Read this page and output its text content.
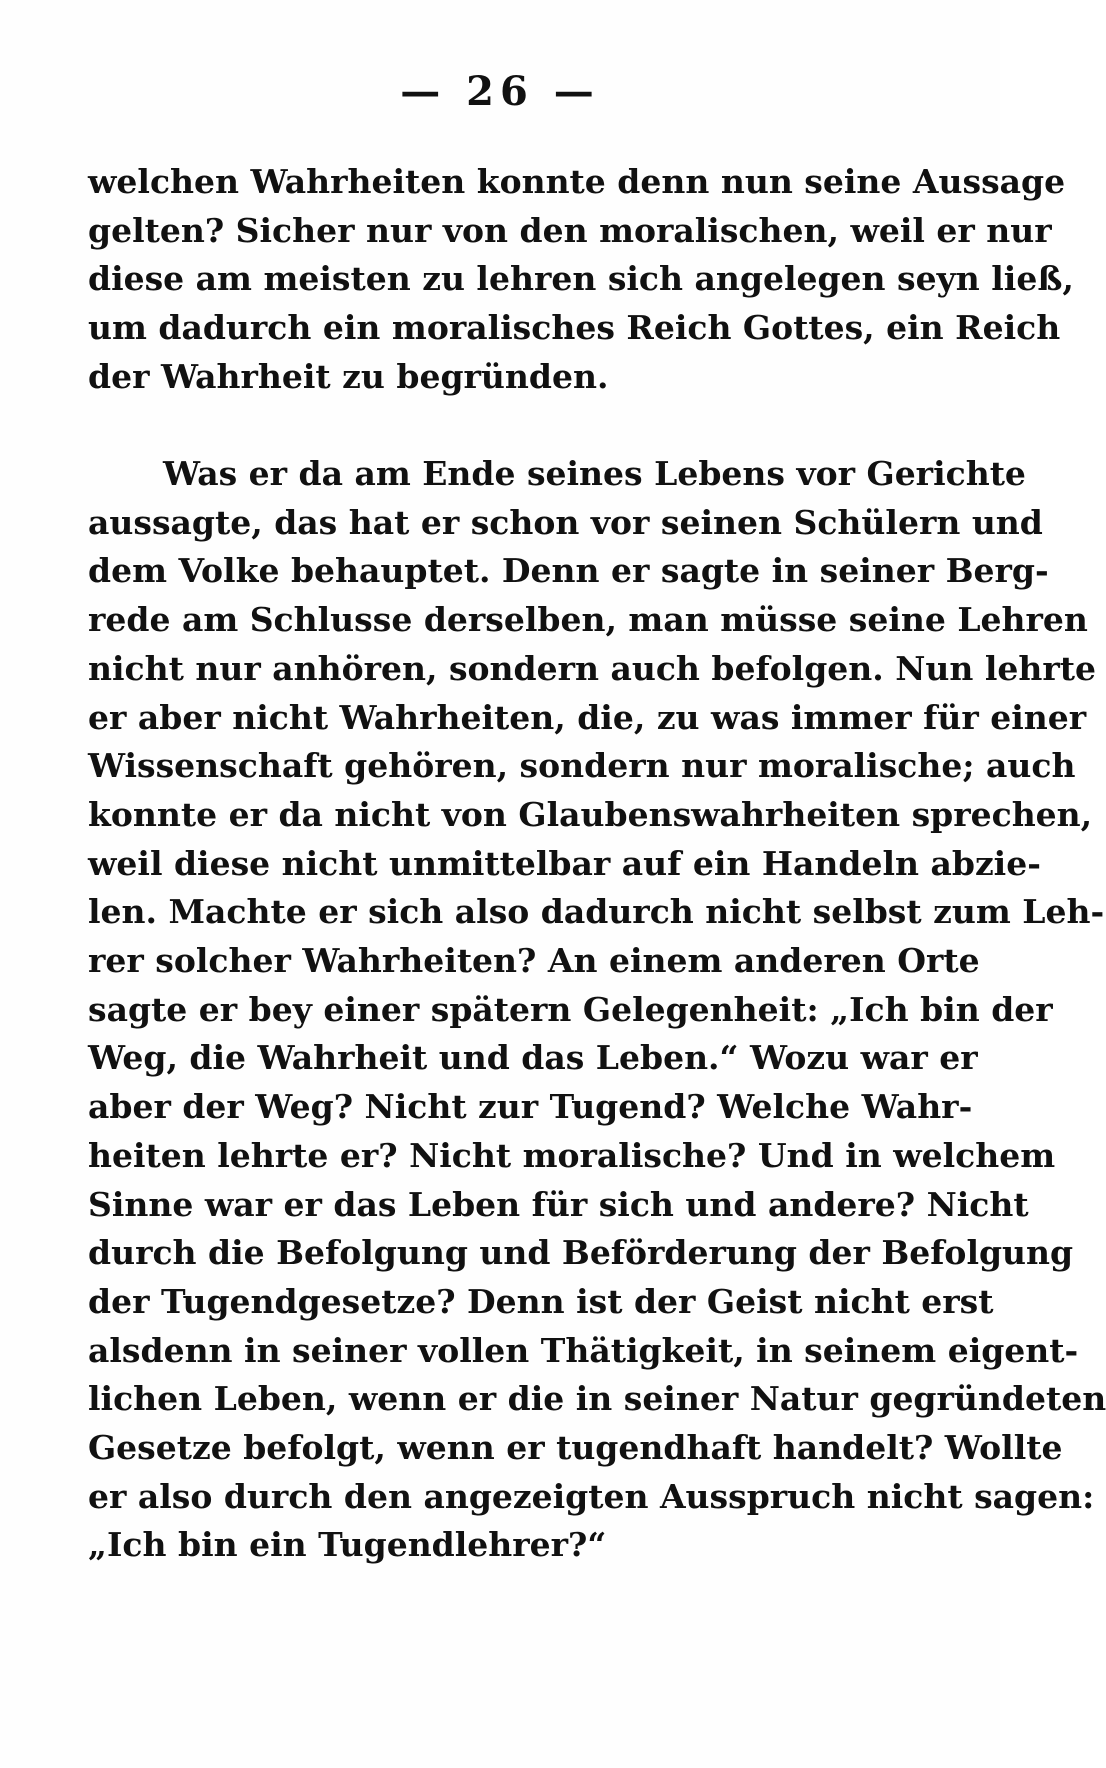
— 26 —
welchen Wahrheiten konnte denn nun seine Aussage
gelten? Sicher nur von den moralischen, weil er nur
diese am meisten zu lehren sich angelegen seyn ließ,
um dadurch ein moralisches Reich Gottes, ein Reich
der Wahrheit zu begründen.
Was er da am Ende seines Lebens vor Gerichte
aussagte, das hat er schon vor seinen Schülern und
dem Volke behauptet. Denn er sagte in seiner Berg-
rede am Schlusse derselben, man müsse seine Lehren
nicht nur anhören, sondern auch befolgen. Nun lehrte
er aber nicht Wahrheiten, die, zu was immer für einer
Wissenschaft gehören, sondern nur moralische; auch
konnte er da nicht von Glaubenswahrheiten sprechen,
weil diese nicht unmittelbar auf ein Handeln abzie-
len. Machte er sich also dadurch nicht selbst zum Leh-
rer solcher Wahrheiten? An einem anderen Orte
sagte er bey einer spätern Gelegenheit: „Ich bin der
Weg, die Wahrheit und das Leben.“ Wozu war er
aber der Weg? Nicht zur Tugend? Welche Wahr-
heiten lehrte er? Nicht moralische? Und in welchem
Sinne war er das Leben für sich und andere? Nicht
durch die Befolgung und Beförderung der Befolgung
der Tugendgesetze? Denn ist der Geist nicht erst
alsdenn in seiner vollen Thätigkeit, in seinem eigent-
lichen Leben, wenn er die in seiner Natur gegründeten
Gesetze befolgt, wenn er tugendhaft handelt? Wollte
er also durch den angezeigten Ausspruch nicht sagen:
„Ich bin ein Tugendlehrer?“
